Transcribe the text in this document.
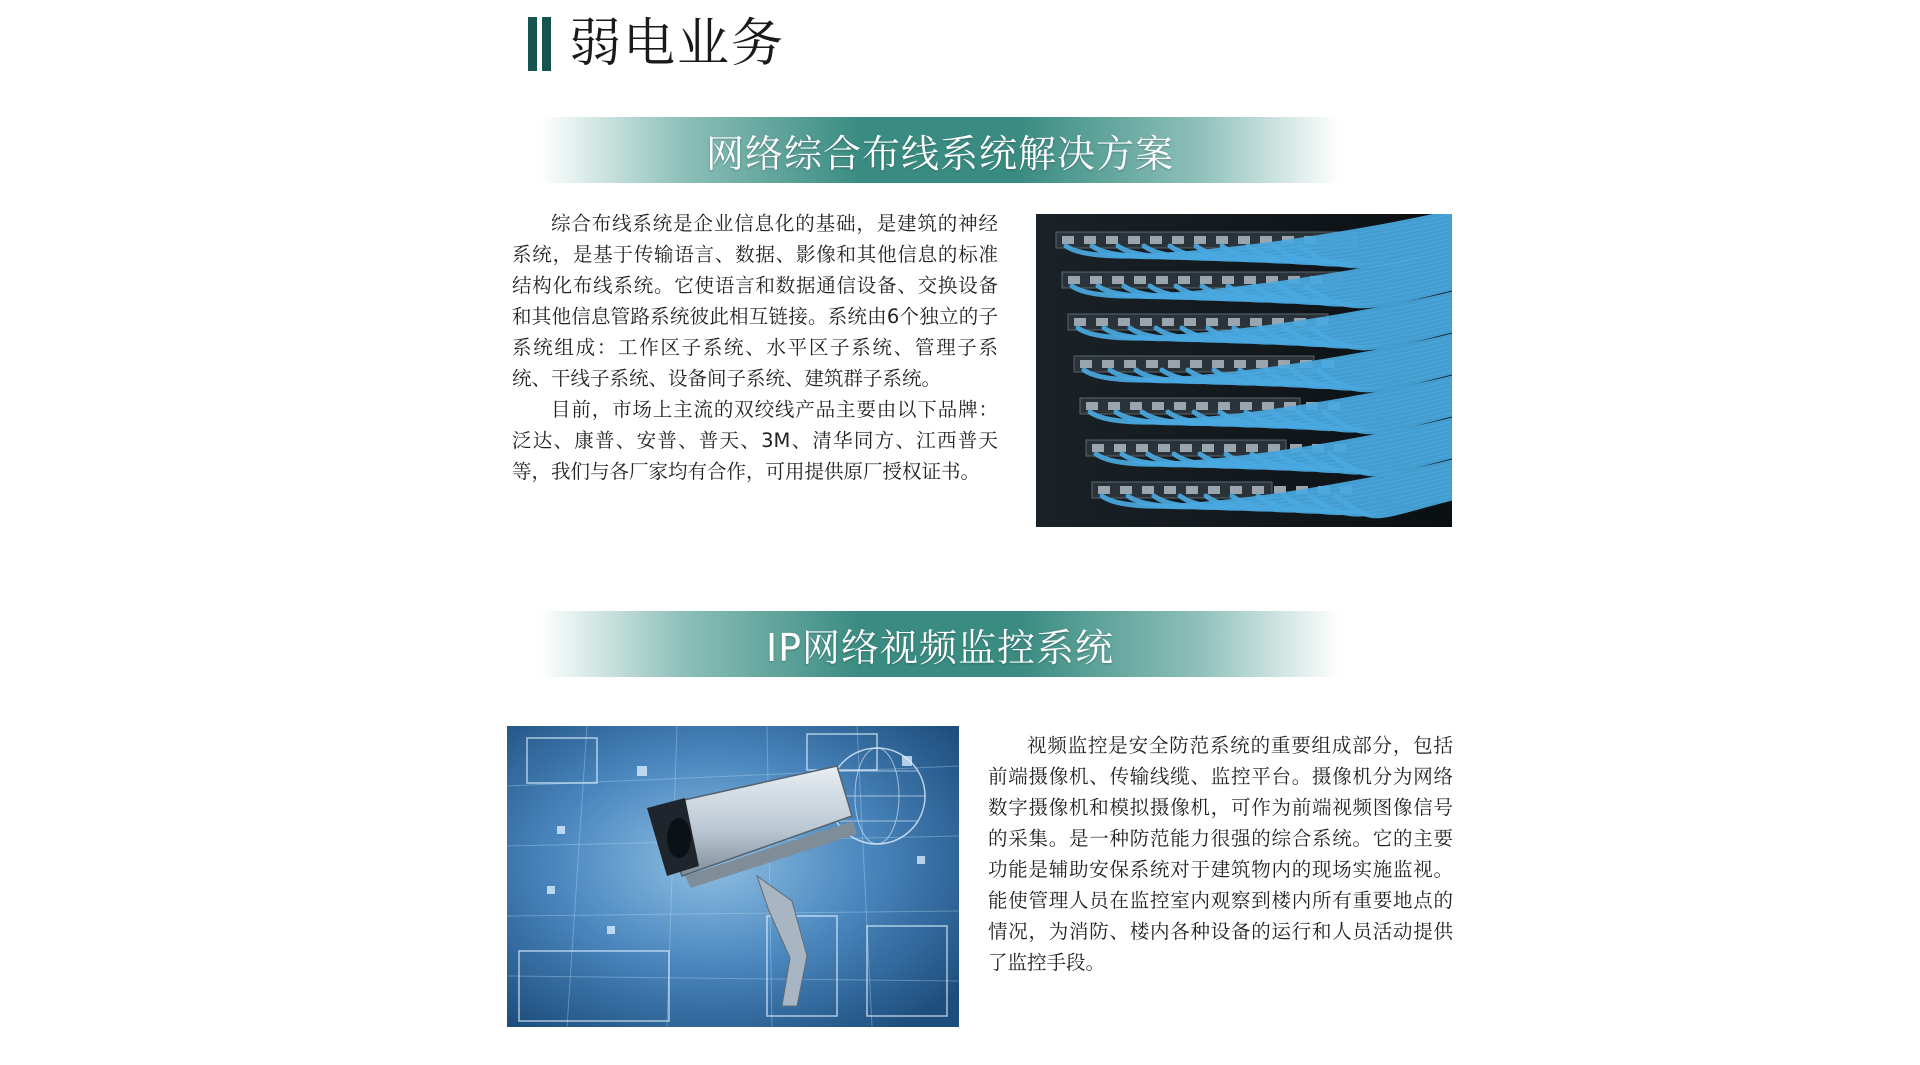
弱电业务
网络综合布线系统解决方案

综合布线系统是企业信息化的基础，是建筑的神经系统，是基于传输语言、数据、影像和其他信息的标准结构化布线系统。它使语言和数据通信设备、交换设备和其他信息管路系统彼此相互链接。系统由6个独立的子系统组成：工作区子系统、水平区子系统、管理子系统、干线子系统、设备间子系统、建筑群子系统。

目前，市场上主流的双绞线产品主要由以下品牌：泛达、康普、安普、普天、3M、清华同方、江西普天等，我们与各厂家均有合作，可用提供原厂授权证书。

IP网络视频监控系统

视频监控是安全防范系统的重要组成部分，包括前端摄像机、传输线缆、监控平台。摄像机分为网络数字摄像机和模拟摄像机，可作为前端视频图像信号的采集。是一种防范能力很强的综合系统。它的主要功能是辅助安保系统对于建筑物内的现场实施监视。能使管理人员在监控室内观察到楼内所有重要地点的情况，为消防、楼内各种设备的运行和人员活动提供了监控手段。
